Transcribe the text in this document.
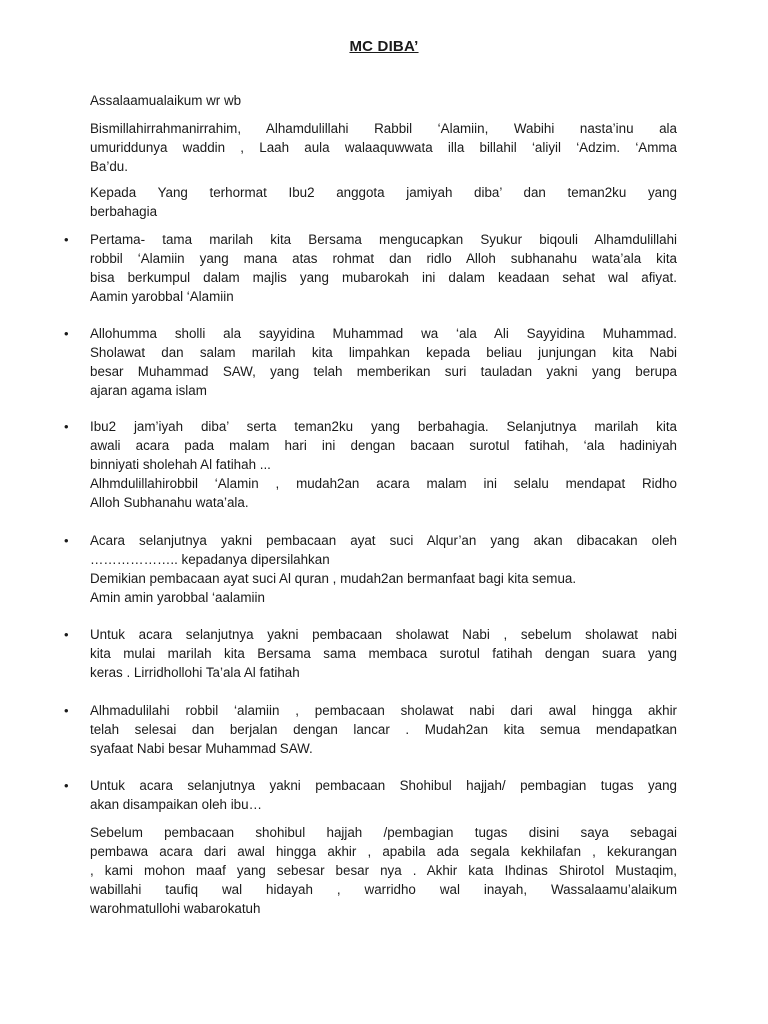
MC DIBA’

Assalaamualaikum wr wb

Bismillahirrahmanirrahim, Alhamdulillahi Rabbil ‘Alamiin, Wabihi nasta’inu ala
umuriddunya waddin , Laah aula walaaquwwata illa billahil ‘aliyil ‘Adzim. ‘Amma
Ba’du.
Kepada Yang terhormat Ibu2 anggota jamiyah diba’ dan teman2ku yang
berbahagia
• Pertama- tama marilah kita Bersama mengucapkan Syukur biqouli Alhamdulillahi
robbil ‘Alamiin yang mana atas rohmat dan ridlo Alloh subhanahu wata’ala kita
bisa berkumpul dalam majlis yang mubarokah ini dalam keadaan sehat wal afiyat.
Aamin yarobbal ‘Alamiin
• Allohumma sholli ala sayyidina Muhammad wa ‘ala Ali Sayyidina Muhammad.
Sholawat dan salam marilah kita limpahkan kepada beliau junjungan kita Nabi
besar Muhammad SAW, yang telah memberikan suri tauladan yakni yang berupa
ajaran agama islam
• Ibu2 jam’iyah diba’ serta teman2ku yang berbahagia. Selanjutnya marilah kita
awali acara pada malam hari ini dengan bacaan surotul fatihah, ‘ala hadiniyah
binniyati sholehah Al fatihah ...
Alhmdulillahirobbil ‘Alamin , mudah2an acara malam ini selalu mendapat Ridho
Alloh Subhanahu wata’ala.
• Acara selanjutnya yakni pembacaan ayat suci Alqur’an yang akan dibacakan oleh
……………….. kepadanya dipersilahkan
Demikian pembacaan ayat suci Al quran , mudah2an bermanfaat bagi kita semua.
Amin amin yarobbal ‘aalamiin
• Untuk acara selanjutnya yakni pembacaan sholawat Nabi , sebelum sholawat nabi
kita mulai marilah kita Bersama sama membaca surotul fatihah dengan suara yang
keras . Lirridhollohi Ta’ala Al fatihah
• Alhmadulilahi robbil ‘alamiin , pembacaan sholawat nabi dari awal hingga akhir
telah selesai dan berjalan dengan lancar . Mudah2an kita semua mendapatkan
syafaat Nabi besar Muhammad SAW.
• Untuk acara selanjutnya yakni pembacaan Shohibul hajjah/ pembagian tugas yang
akan disampaikan oleh ibu…
Sebelum pembacaan shohibul hajjah /pembagian tugas disini saya sebagai
pembawa acara dari awal hingga akhir , apabila ada segala kekhilafan , kekurangan
, kami mohon maaf yang sebesar besar nya . Akhir kata Ihdinas Shirotol Mustaqim,
wabillahi taufiq wal hidayah , warridho wal inayah, Wassalaamu’alaikum
warohmatullohi wabarokatuh
